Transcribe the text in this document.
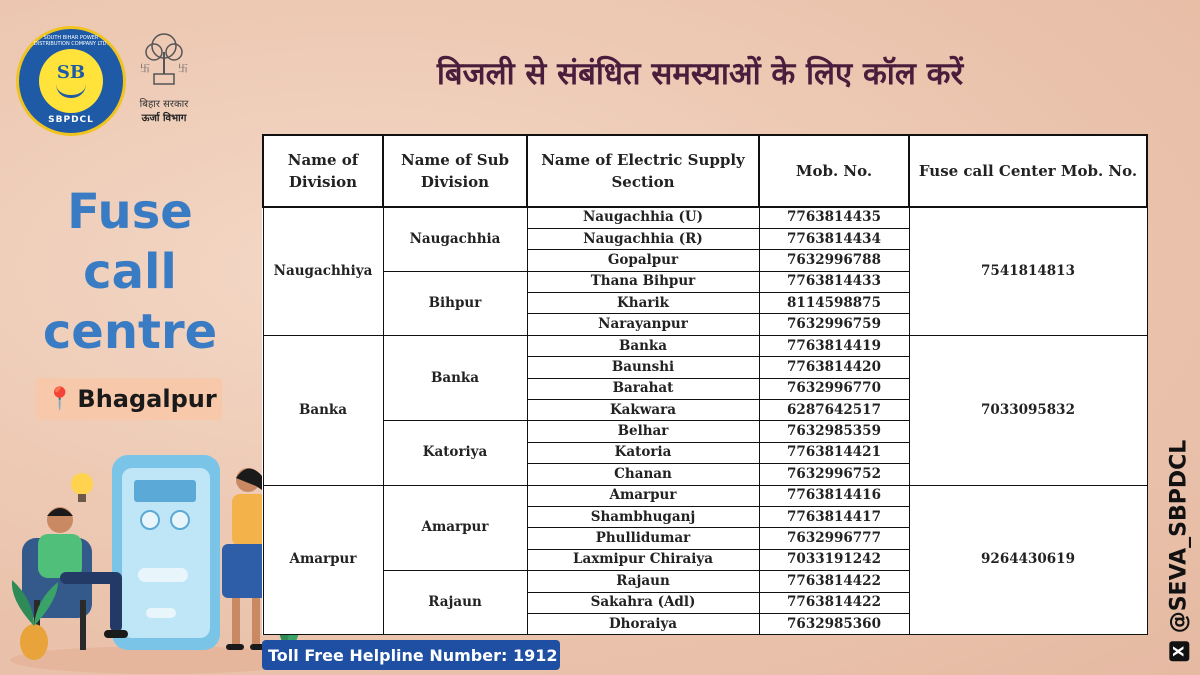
SOUTH BIHAR POWER DISTRIBUTION COMPANY LTD.
SB
SBPDCL
卐	卐
बिहार सरकार
ऊर्जा विभाग
बिजली से संबंधित समस्याओं के लिए कॉल करें
Fuse
call
centre
📍 Bhagalpur
Toll Free Helpline Number: 1912	X
@SEVA_SBPDCL
Name of Division	Name of Sub Division	Name of Electric Supply Section	Mob. No.	Fuse call Center Mob. No.
Naugachhiya	Naugachhia	Naugachhia (U)	7763814435	7541814813
		Naugachhia (R)	7763814434	
		Gopalpur	7632996788	
	Bihpur	Thana Bihpur	7763814433	
		Kharik	8114598875	
		Narayanpur	7632996759	
Banka	Banka	Banka	7763814419	7033095832
		Baunshi	7763814420	
		Barahat	7632996770	
		Kakwara	6287642517	
	Katoriya	Belhar	7632985359	
		Katoria	7763814421	
		Chanan	7632996752	
Amarpur	Amarpur	Amarpur	7763814416	9264430619
		Shambhuganj	7763814417	
		Phullidumar	7632996777	
		Laxmipur Chiraiya	7033191242	
	Rajaun	Rajaun	7763814422	
		Sakahra (Adl)	7763814422	
		Dhoraiya	7632985360	
